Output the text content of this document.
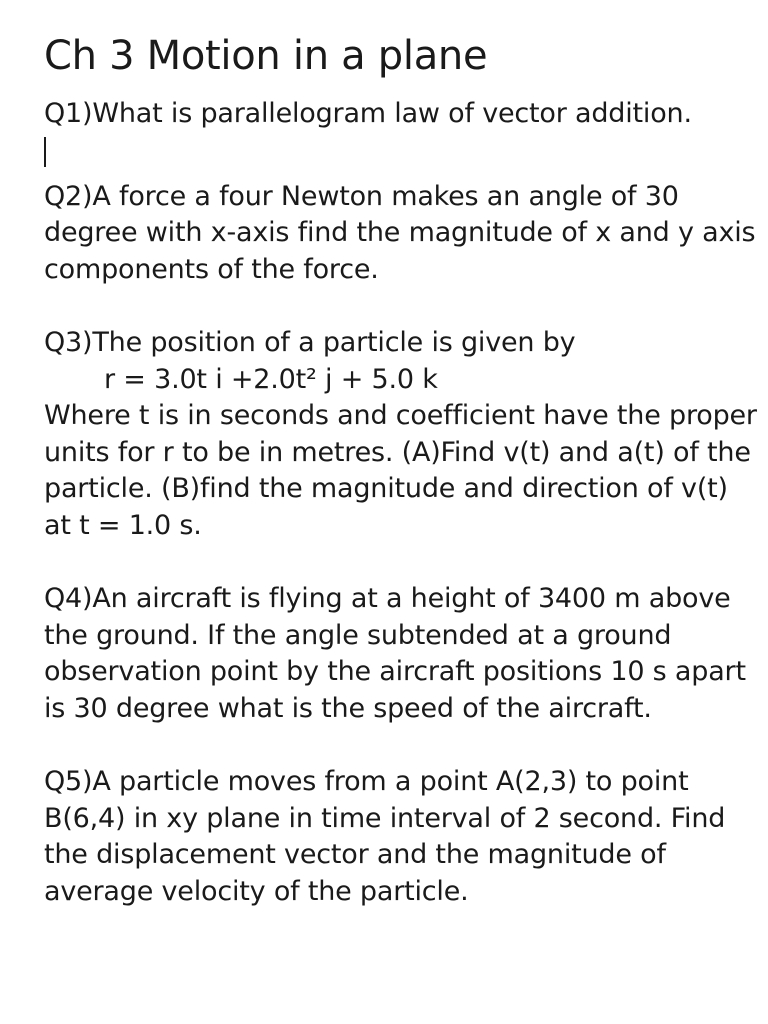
Ch 3 Motion in a plane

Q1)What is parallelogram law of vector addition.

Q2)A force a four Newton makes an angle of 30 degree with x-axis find the magnitude of x and y axis components of the force.

Q3)The position of a particle is given by

r = 3.0t i +2.0t² j + 5.0 k

Where t is in seconds and coefficient have the proper units for r to be in metres. (A)Find v(t) and a(t) of the particle. (B)find the magnitude and direction of v(t) at t = 1.0 s.

Q4)An aircraft is flying at a height of 3400 m above the ground. If the angle subtended at a ground observation point by the aircraft positions 10 s apart is 30 degree what is the speed of the aircraft.

Q5)A particle moves from a point A(2,3) to point B(6,4) in xy plane in time interval of 2 second. Find the displacement vector and the magnitude of average velocity of the particle.
